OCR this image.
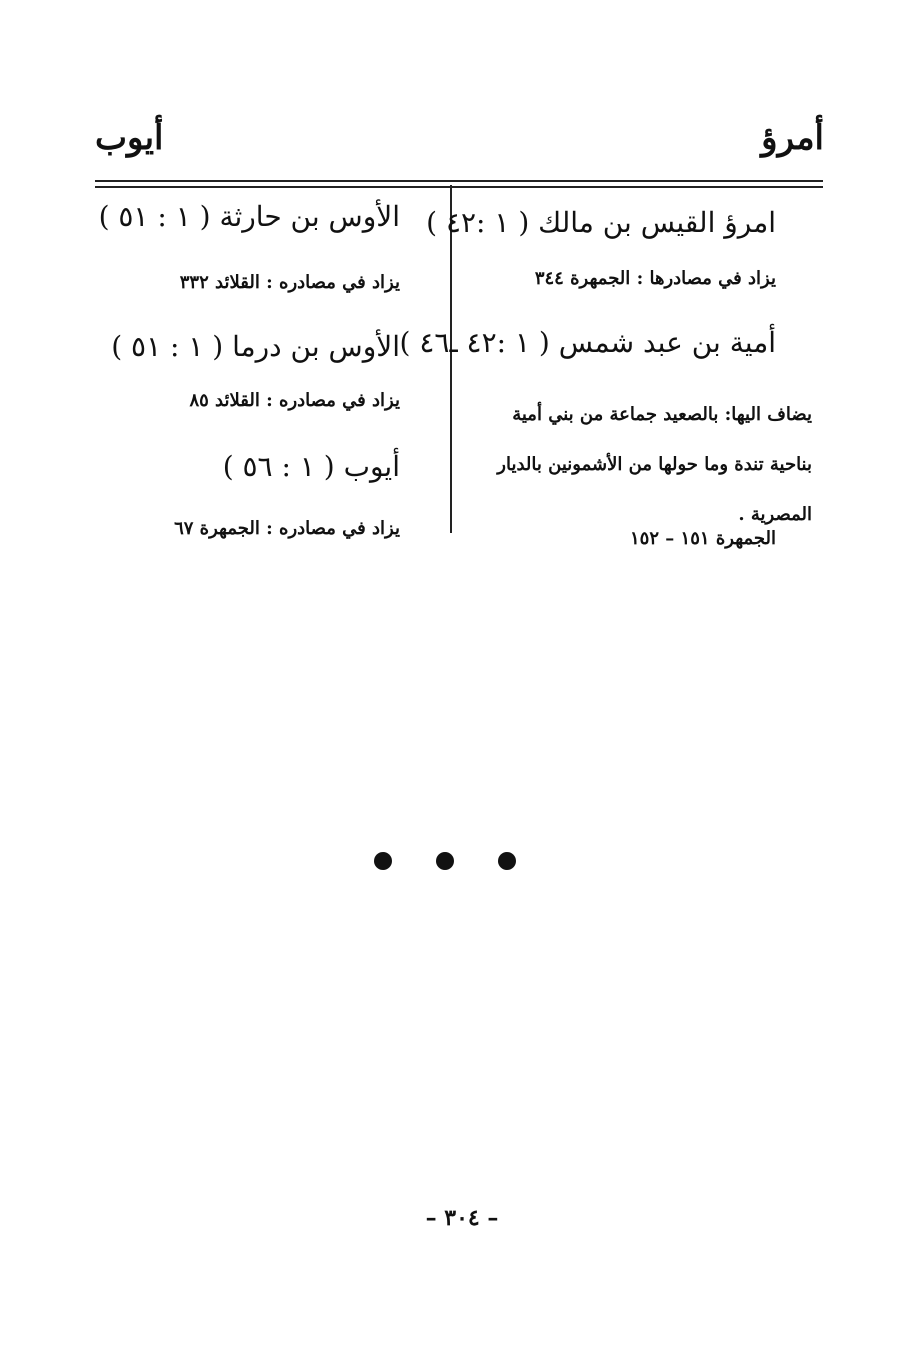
أمرؤ
أيوب
امرؤ القيس بن مالك ( ١ :٤٢ )
يزاد في مصادرها : الجمهرة ٣٤٤
أمية بن عبد شمس ( ١ :٤٢ ـ٤٦ )
يضاف اليها: بالصعيد جماعة من بني أمية بناحية تندة وما حولها من الأشمونين بالديار المصرية .
الجمهرة ١٥١ – ١٥٢
الأوس بن حارثة ( ١ : ٥١ )
يزاد في مصادره : القلائد ٣٣٢
الأوس بن درما ( ١ : ٥١ )
يزاد في مصادره : القلائد ٨٥
أيوب ( ١ : ٥٦ )
يزاد في مصادره : الجمهرة ٦٧
– ٣٠٤ –
